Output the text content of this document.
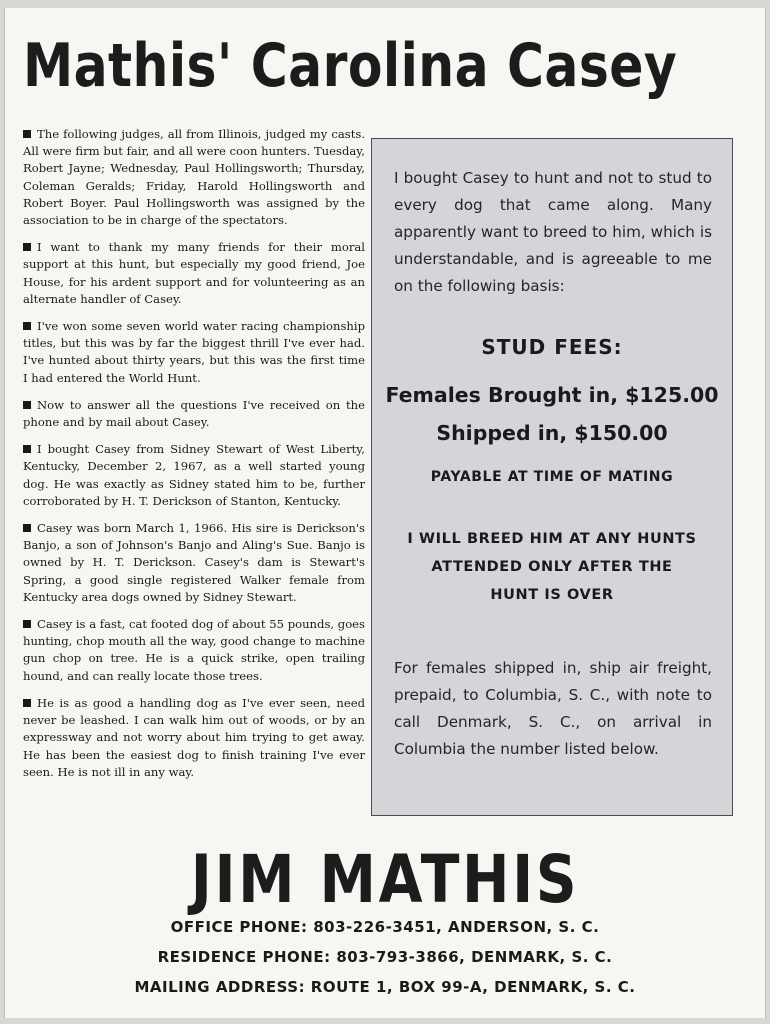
Mathis' Carolina Casey

The following judges, all from Illinois, judged my casts. All were firm but fair, and all were coon hunters. Tuesday, Robert Jayne; Wednesday, Paul Hollingsworth; Thursday, Coleman Geralds; Friday, Harold Hollingsworth and Robert Boyer. Paul Hollingsworth was assigned by the association to be in charge of the spectators.

I want to thank my many friends for their moral support at this hunt, but especially my good friend, Joe House, for his ardent support and for volunteering as an alternate handler of Casey.

I've won some seven world water racing championship titles, but this was by far the biggest thrill I've ever had. I've hunted about thirty years, but this was the first time I had entered the World Hunt.

Now to answer all the questions I've received on the phone and by mail about Casey.

I bought Casey from Sidney Stewart of West Liberty, Kentucky, December 2, 1967, as a well started young dog. He was exactly as Sidney stated him to be, further corroborated by H. T. Derickson of Stanton, Kentucky.

Casey was born March 1, 1966. His sire is Derickson's Banjo, a son of Johnson's Banjo and Aling's Sue. Banjo is owned by H. T. Derickson. Casey's dam is Stewart's Spring, a good single registered Walker female from Kentucky area dogs owned by Sidney Stewart.

Casey is a fast, cat footed dog of about 55 pounds, goes hunting, chop mouth all the way, good change to machine gun chop on tree. He is a quick strike, open trailing hound, and can really locate those trees.

He is as good a handling dog as I've ever seen, need never be leashed. I can walk him out of woods, or by an expressway and not worry about him trying to get away. He has been the easiest dog to finish training I've ever seen. He is not ill in any way.

I bought Casey to hunt and not to stud to every dog that came along. Many apparently want to breed to him, which is understandable, and is agreeable to me on the following basis:

STUD FEES:

Females Brought in, $125.00

Shipped in, $150.00

PAYABLE AT TIME OF MATING

I WILL BREED HIM AT ANY HUNTS

ATTENDED ONLY AFTER THE

HUNT IS OVER

For females shipped in, ship air freight, prepaid, to Columbia, S. C., with note to call Denmark, S. C., on arrival in Columbia the number listed below.

JIM MATHIS

OFFICE PHONE: 803-226-3451, ANDERSON, S. C.

RESIDENCE PHONE: 803-793-3866, DENMARK, S. C.

MAILING ADDRESS: ROUTE 1, BOX 99-A, DENMARK, S. C.
